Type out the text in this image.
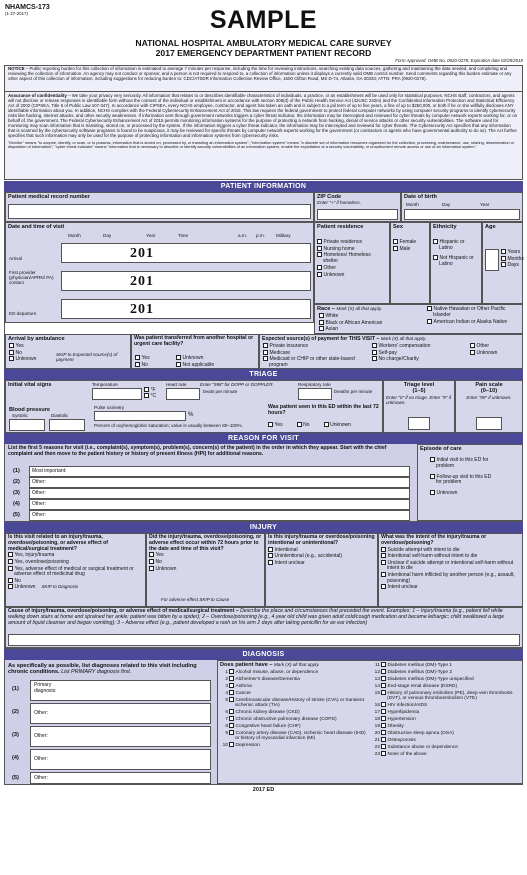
NHAMCS-173
(1-27-2017)	SAMPLE
NATIONAL HOSPITAL AMBULATORY MEDICAL CARE SURVEY
2017 EMERGENCY DEPARTMENT PATIENT RECORD
Form Approved: OMB No. 0920-0278; Expiration date 02/28/2018
NOTICE – Public reporting burden for this collection of information is estimated to average 7 minutes per response, including the time for reviewing instructions, searching existing data sources, gathering and maintaining the data needed, and completing and reviewing the collection of information. An agency may not conduct or sponsor, and a person is not required to respond to, a collection of information unless it displays a currently valid OMB control number. Send comments regarding this burden estimate or any other aspect of this collection of information, including suggestions for reducing burden to: CDC/ATSDR Information Collection Review Office, 1600 Clifton Road, MS D-74, Atlanta, GA 30333; ATTN: PRA (0920-0278).
Assurance of confidentiality – We take your privacy very seriously. All information that relates to or describes identifiable characteristics of individuals, a practice, or an establishment will be used only for statistical purposes. NCHS staff, contractors, and agents will not disclose or release responses in identifiable form without the consent of the individual or establishment in accordance with section 308(d) of the Public Health Service Act (42USC 242m) and the Confidential Information Protection and Statistical Efficiency Act of 2002 (CIPSEA, Title 5 of Public Law 107-347). In accordance with CIPSEA, every NCHS employee, contractor, and agent has taken an oath and is subject to a jail term of up to five years, a fine of up to $250,000, or both if he or she willfully discloses ANY identifiable information about you. In addition, NCHS complies with the Federal Cybersecurity Enhancement Act of 2015. This law requires the federal government to protect federal computer networks by using computer security programs to identify cybersecurity risks like hacking, internet attacks, and other security weaknesses. If information sent through government networks triggers a cyber threat indicator, the information may be intercepted and reviewed for cyber threats by computer network experts working for, or on behalf of, the government. The Federal Cybersecurity Enhancement Act of 2015 permits monitoring information systems for the purpose of protecting a network from hacking, denial of service attacks or other security vulnerabilities. The software used for monitoring may scan information that is transiting, stored on, or processed by the system. If the information triggers a cyber threat indicator, the information may be intercepted and reviewed for cyber threats. The Cybersecurity Act specifies that any information that is scanned by the cybersecurity software programs is found to be suspicious, it may be reviewed for specific threats by computer network experts working for the government (or contractors or agents who have governmental authority to do so). The Act further specifies that such information may only be used for the purpose of protecting information and information systems from cybersecurity risks.
"Monitor" means "to acquire, identify, or scan, or to possess, information that is stored on, processed by, or transiting an information system"; "information system" means "a discrete set of information resources organized for the collection, processing, maintenance, use, sharing, dissemination or disposition of information"; "cyber threat indicator" means "information that is necessary to describe or identify security vulnerabilities of an information system, enable the exploitation of a security vulnerability, or unauthorized remote access or use of an information system."
PATIENT INFORMATION
Patient medical record number	ZIP Code
Enter "+" if homeless.
Date of birth
Month	Day	Year
Date and time of visit
Month	Day	Year	Time	a.m. p.m. Military
Arrival	201
First provider (physician/APRN/ PA) contact	201
ED departure	201
Patient residence
Private residence
Nursing home
Homeless/ Homeless shelter
Other
Unknown
Sex
Female
Male
Ethnicity
Hispanic or Latino
Not Hispanic or Latino
Age
Years
Months
Days
Race – Mark (X) all that apply.
White
Black or African American
Asian
Native Hawaiian or Other Pacific Islander
American Indian or Alaska Native
Arrival by ambulance
Yes
No
Unknown
SKIP to Expected source(s) of payment
Was patient transferred from another hospital or urgent care facility?
Yes
No
Unknown
Not applicable
Expected source(s) of payment for THIS VISIT – Mark (X) all that apply.
Private insurance
Medicare
Medicaid or CHIP or other state-based program
Workers' compensation
Self-pay
No charge/Charity
Other
Unknown
TRIAGE
Initial vital signs	Temperature
°F
°C
Heart rate	Enter "998" for DOPP or DOPPLER.
beats per minute
Respiratory rate
breaths per minute
Blood pressure
Systolic	Diastolic
Pulse oximetry
%
Percent of oxyhemoglobin saturation; value is usually between 80–100%.
Was patient seen in this ED within the last 72 hours?
Yes	No	Unknown
Triage level
(1–5)
Enter "0" if no triage. Enter "9" if unknown.
Pain scale
(0–10)
Enter "99" if unknown.
REASON FOR VISIT
List the first 5 reasons for visit (i.e., complaint(s), symptom(s), problem(s), concern(s) of the patient) in the order in which they appear. Start with the chief complaint and then move to the patient history or history of present illness (HPI) for additional reasons.
(1)	Most important:
(2)	Other:
(3)	Other:
(4)	Other:
(5)	Other:
Episode of care
Initial visit to this ED for problem
Follow-up visit to this ED for problem
Unknown
INJURY
Is this visit related to an injury/trauma, overdose/poisoning, or adverse effect of medical/surgical treatment?
Yes, injury/trauma
Yes, overdose/poisoning
Yes, adverse effect of medical or surgical treatment or adverse effect of medicinal drug
No
Unknown SKIP to Diagnosis
Did the injury/trauma, overdose/poisoning, or adverse effect occur within 72 hours prior to the date and time of this visit?
Yes
No
Unknown
For adverse effect SKIP to Cause
Is this injury/trauma or overdose/poisoning intentional or unintentional?
Intentional
Unintentional (e.g., accidental)
Intent unclear
What was the intent of the injury/trauma or overdose/poisoning?
Suicide attempt with intent to die
Intentional self-harm without intent to die
Unclear if suicide attempt or intentional self-harm without intent to die
Intentional harm inflicted by another person (e.g., assault, poisoning)
Intent unclear
Cause of injury/trauma, overdose/poisoning, or adverse effect of medical/surgical treatment – Describe the place and circumstances that preceded the event. Examples: 1 – Injury/trauma (e.g., patient fell while walking down stairs at home and sprained her ankle; patient was bitten by a spider); 2 – Overdose/poisoning (e.g., 4 year old child was given adult cold/cough medication and became lethargic; child swallowed a large amount of liquid cleanser and began vomiting); 3 – Adverse effect (e.g., patient developed a rash on his arm 2 days after taking penicillin for an ear infection)
DIAGNOSIS
As specifically as possible, list diagnoses related to this visit including chronic conditions. List PRIMARY diagnosis first.
(1)
Primary diagnosis:
(2)	Other:
(3)	Other:
(4)	Other:
(5)	Other:
Does patient have – Mark (X) all that apply.
1 Alcohol misuse, abuse, or dependence
2 Alzheimer's disease/Dementia
3 Asthma
4 Cancer
5 Cerebrovascular disease/History of stroke (CVA) or transient ischemic attack (TIA)
6 Chronic kidney disease (CKD)
7 Chronic obstructive pulmonary disease (COPD)
8 Congestive heart failure (CHF)
9 Coronary artery disease (CAD), ischemic heart disease (IHD) or history of myocardial infarction (MI)
10 Depression
11 Diabetes mellitus (DM)-Type 1
12 Diabetes mellitus (DM)-Type 2
13 Diabetes mellitus (DM)-Type unspecified
14 End-stage renal disease (ESRD)
15 History of pulmonary embolism (PE), deep vein thrombosis (DVT), or venous thromboembolism (VTE)
16 HIV infection/AIDS
17 Hyperlipidemia
18 Hypertension
19 Obesity
20 Obstructive sleep apnea (OSA)
21 Osteoporosis
22 Substance abuse or dependence
23 None of the above
2017 ED
